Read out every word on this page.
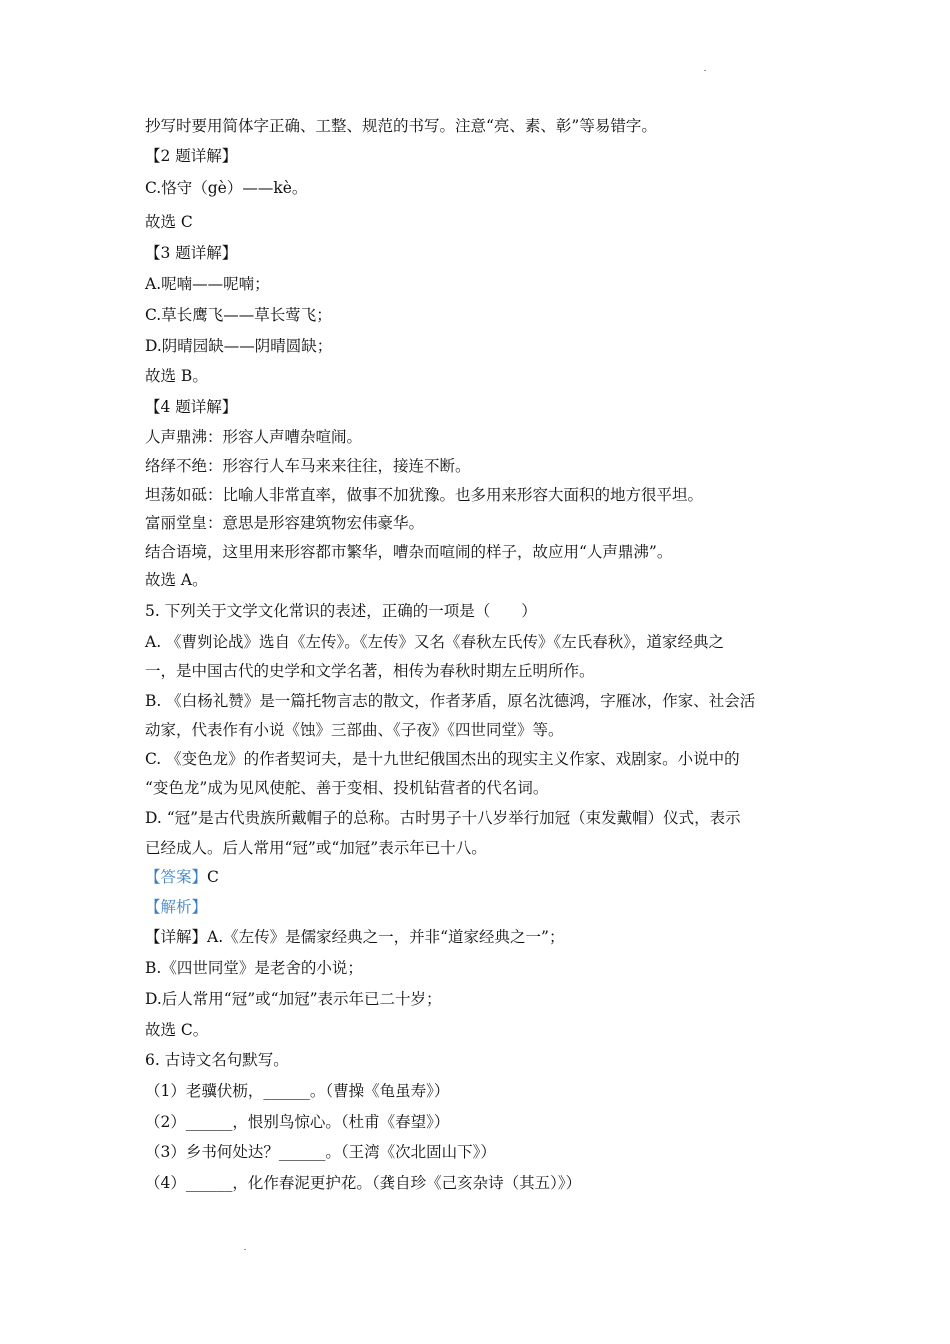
抄写时要用简体字正确、工整、规范的书写。注意“亮、素、彰”等易错字。
【2 题详解】
C.恪守（gè）——kè。
故选 C
【3 题详解】
A.呢喃——呢喃；
C.草长鹰飞——草长莺飞；
D.阴晴园缺——阴晴圆缺；
故选 B。
【4 题详解】
人声鼎沸：形容人声嘈杂喧闹。
络绎不绝：形容行人车马来来往往，接连不断。
坦荡如砥：比喻人非常直率，做事不加犹豫。也多用来形容大面积的地方很平坦。
富丽堂皇：意思是形容建筑物宏伟豪华。
结合语境，这里用来形容都市繁华，嘈杂而喧闹的样子，故应用“人声鼎沸”。
故选 A。
5. 下列关于文学文化常识的表述，正确的一项是（　　）
A. 《曹刿论战》选自《左传》。《左传》又名《春秋左氏传》《左氏春秋》，道家经典之
一，是中国古代的史学和文学名著，相传为春秋时期左丘明所作。
B. 《白杨礼赞》是一篇托物言志的散文，作者茅盾，原名沈德鸿，字雁冰，作家、社会活
动家，代表作有小说《蚀》三部曲、《子夜》《四世同堂》等。
C. 《变色龙》的作者契诃夫，是十九世纪俄国杰出的现实主义作家、戏剧家。小说中的
“变色龙”成为见风使舵、善于变相、投机钻营者的代名词。
D. “冠”是古代贵族所戴帽子的总称。古时男子十八岁举行加冠（束发戴帽）仪式，表示
已经成人。后人常用“冠”或“加冠”表示年已十八。
【答案】C
【解析】
【详解】A.《左传》是儒家经典之一，并非“道家经典之一”；
B.《四世同堂》是老舍的小说；
D.后人常用“冠”或“加冠”表示年已二十岁；
故选 C。
6. 古诗文名句默写。
（1）老骥伏枥，______。（曹操《龟虽寿》）
（2）______，恨别鸟惊心。（杜甫《春望》）
（3）乡书何处达？______。（王湾《次北固山下》）
（4）______，化作春泥更护花。（龚自珍《己亥杂诗（其五）》）
